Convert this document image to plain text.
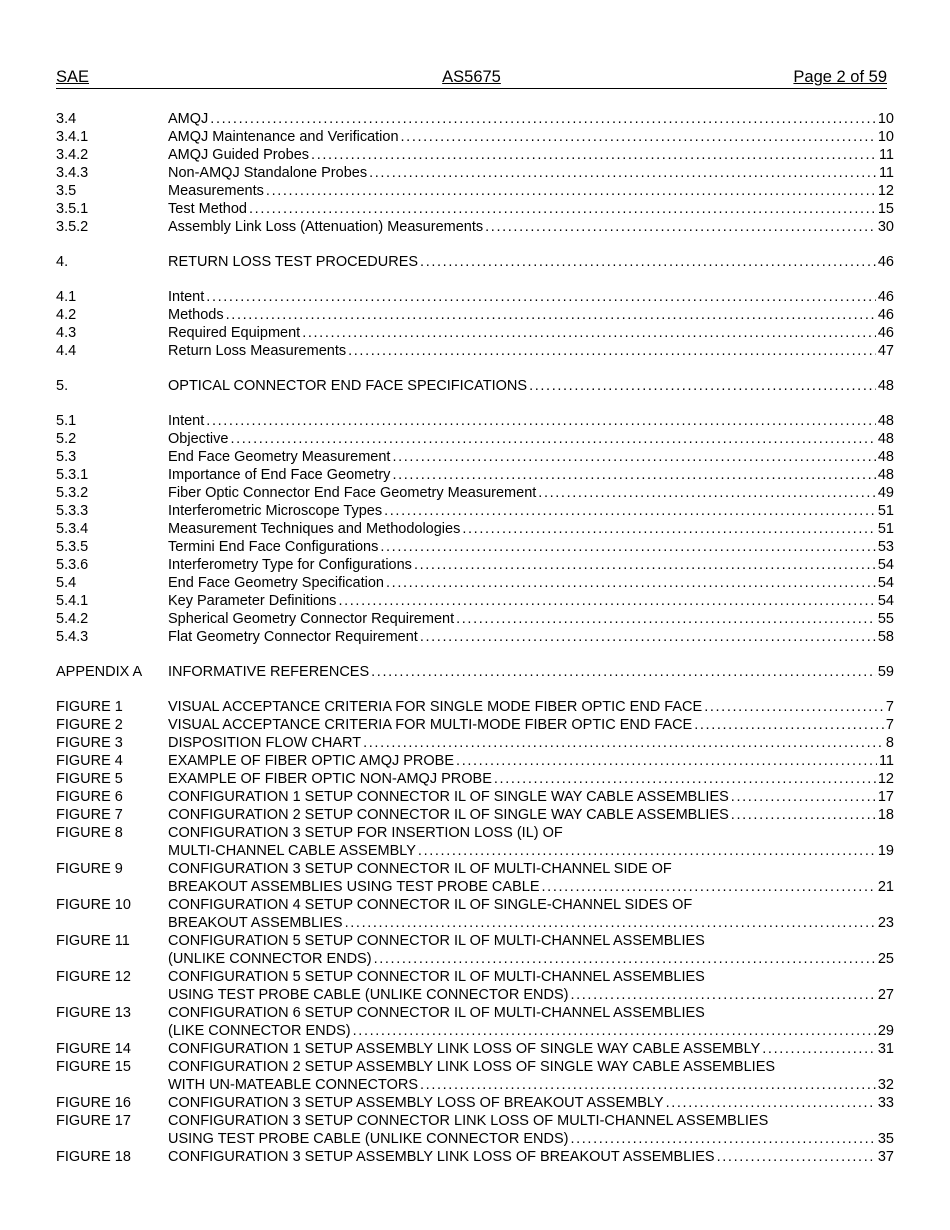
SAE	AS5675	Page 2 of 59
3.4	AMQJ . . .	10
3.4.1	AMQJ Maintenance and Verification . . .	10
3.4.2	AMQJ Guided Probes . . .	11
3.4.3	Non-AMQJ Standalone Probes . . .	11
3.5	Measurements . . .	12
3.5.1	Test Method . . .	15
3.5.2	Assembly Link Loss (Attenuation) Measurements . . .	30
4.	RETURN LOSS TEST PROCEDURES . . .	46
4.1	Intent . . .	46
4.2	Methods . . .	46
4.3	Required Equipment . . .	46
4.4	Return Loss Measurements . . .	47
5.	OPTICAL CONNECTOR END FACE SPECIFICATIONS . . .	48
5.1	Intent . . .	48
5.2	Objective . . .	48
5.3	End Face Geometry Measurement . . .	48
5.3.1	Importance of End Face Geometry . . .	48
5.3.2	Fiber Optic Connector End Face Geometry Measurement . . .	49
5.3.3	Interferometric Microscope Types . . .	51
5.3.4	Measurement Techniques and Methodologies . . .	51
5.3.5	Termini End Face Configurations . . .	53
5.3.6	Interferometry Type for Configurations . . .	54
5.4	End Face Geometry Specification . . .	54
5.4.1	Key Parameter Definitions . . .	54
5.4.2	Spherical Geometry Connector Requirement . . .	55
5.4.3	Flat Geometry Connector Requirement . . .	58
APPENDIX A INFORMATIVE REFERENCES . . .	59
FIGURE 1	VISUAL ACCEPTANCE CRITERIA FOR SINGLE MODE FIBER OPTIC END FACE . . .	7
FIGURE 2	VISUAL ACCEPTANCE CRITERIA FOR MULTI-MODE FIBER OPTIC END FACE . . .	7
FIGURE 3	DISPOSITION FLOW CHART . . .	8
FIGURE 4	EXAMPLE OF FIBER OPTIC AMQJ PROBE . . .	11
FIGURE 5	EXAMPLE OF FIBER OPTIC NON-AMQJ PROBE . . .	12
FIGURE 6	CONFIGURATION 1 SETUP CONNECTOR IL OF SINGLE WAY CABLE ASSEMBLIES . . .	17
FIGURE 7	CONFIGURATION 2 SETUP CONNECTOR IL OF SINGLE WAY CABLE ASSEMBLIES . . .	18
FIGURE 8	CONFIGURATION 3 SETUP FOR INSERTION LOSS (IL) OF
MULTI-CHANNEL CABLE ASSEMBLY . . .	19
FIGURE 9	CONFIGURATION 3 SETUP CONNECTOR IL OF MULTI-CHANNEL SIDE OF
BREAKOUT ASSEMBLIES USING TEST PROBE CABLE . . .	21
FIGURE 10	CONFIGURATION 4 SETUP CONNECTOR IL OF SINGLE-CHANNEL SIDES OF
BREAKOUT ASSEMBLIES . . .	23
FIGURE 11	CONFIGURATION 5 SETUP CONNECTOR IL OF MULTI-CHANNEL ASSEMBLIES
(UNLIKE CONNECTOR ENDS) . . .	25
FIGURE 12	CONFIGURATION 5 SETUP CONNECTOR IL OF MULTI-CHANNEL ASSEMBLIES
USING TEST PROBE CABLE (UNLIKE CONNECTOR ENDS) . . .	27
FIGURE 13	CONFIGURATION 6 SETUP CONNECTOR IL OF MULTI-CHANNEL ASSEMBLIES
(LIKE CONNECTOR ENDS) . . .	29
FIGURE 14	CONFIGURATION 1 SETUP ASSEMBLY LINK LOSS OF SINGLE WAY CABLE ASSEMBLY . . .	31
FIGURE 15	CONFIGURATION 2 SETUP ASSEMBLY LINK LOSS OF SINGLE WAY CABLE ASSEMBLIES
WITH UN-MATEABLE CONNECTORS . . .	32
FIGURE 16	CONFIGURATION 3 SETUP ASSEMBLY LOSS OF BREAKOUT ASSEMBLY . . .	33
FIGURE 17	CONFIGURATION 3 SETUP CONNECTOR LINK LOSS OF MULTI-CHANNEL ASSEMBLIES
USING TEST PROBE CABLE (UNLIKE CONNECTOR ENDS) . . .	35
FIGURE 18	CONFIGURATION 3 SETUP ASSEMBLY LINK LOSS OF BREAKOUT ASSEMBLIES . . .	37
